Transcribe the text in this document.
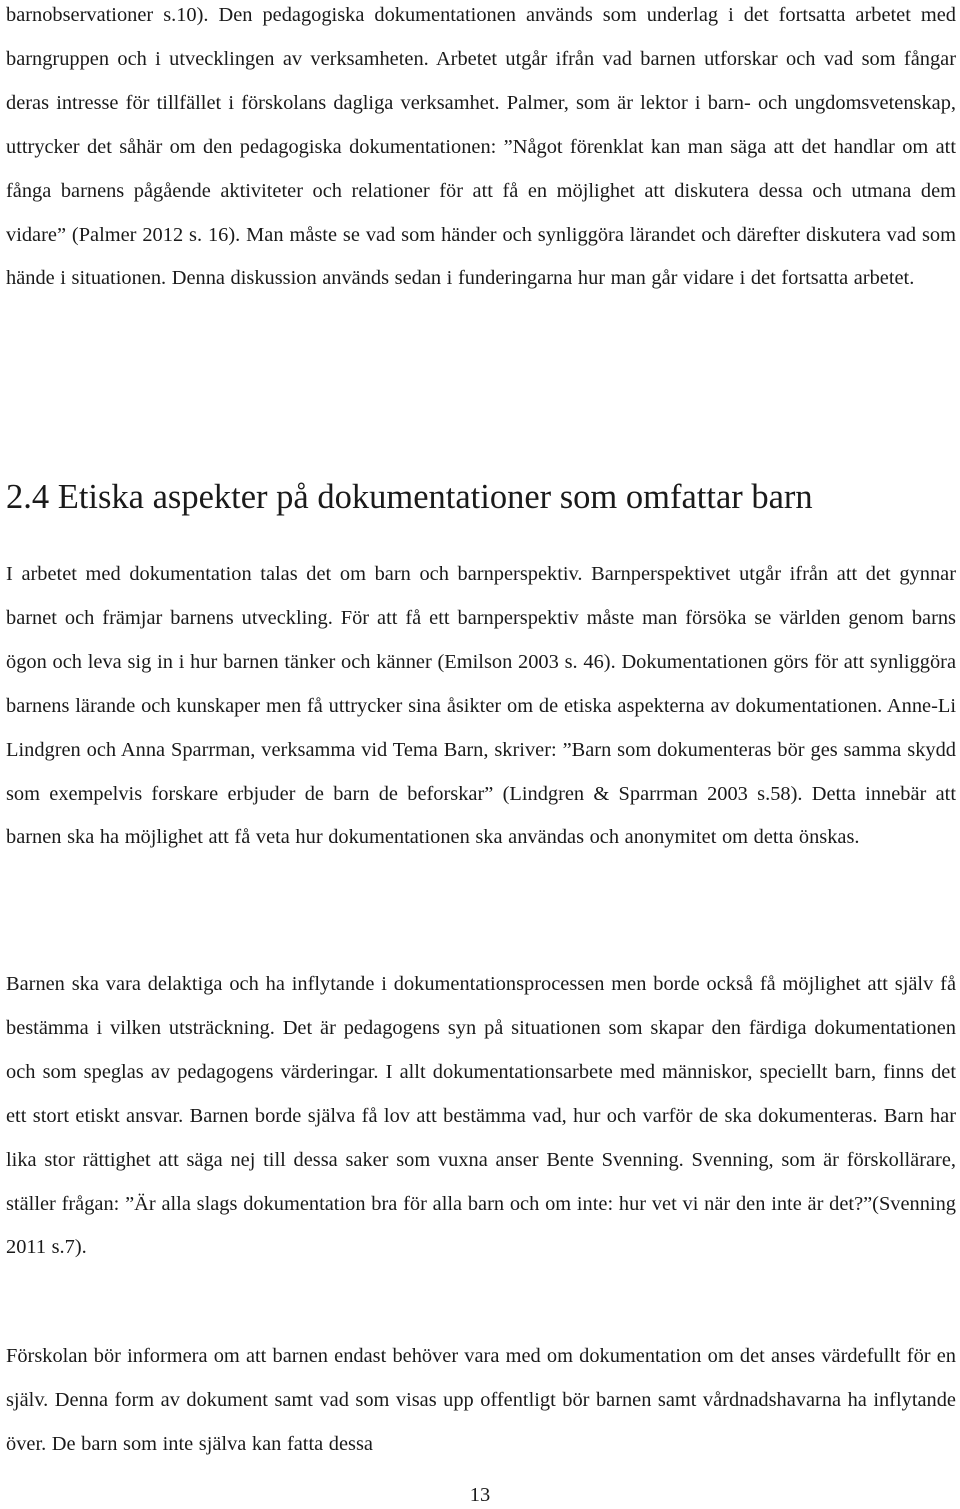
barnobservationer s.10). Den pedagogiska dokumentationen används som underlag i det fortsatta arbetet med barngruppen och i utvecklingen av verksamheten. Arbetet utgår ifrån vad barnen utforskar och vad som fångar deras intresse för tillfället i förskolans dagliga verksamhet. Palmer, som är lektor i barn- och ungdomsvetenskap, uttrycker det såhär om den pedagogiska dokumentationen: ”Något förenklat kan man säga att det handlar om att fånga barnens pågående aktiviteter och relationer för att få en möjlighet att diskutera dessa och utmana dem vidare” (Palmer 2012 s. 16). Man måste se vad som händer och synliggöra lärandet och därefter diskutera vad som hände i situationen. Denna diskussion används sedan i funderingarna hur man går vidare i det fortsatta arbetet.

2.4 Etiska aspekter på dokumentationer som omfattar barn

I arbetet med dokumentation talas det om barn och barnperspektiv. Barnperspektivet utgår ifrån att det gynnar barnet och främjar barnens utveckling. För att få ett barnperspektiv måste man försöka se världen genom barns ögon och leva sig in i hur barnen tänker och känner (Emilson 2003 s. 46). Dokumentationen görs för att synliggöra barnens lärande och kunskaper men få uttrycker sina åsikter om de etiska aspekterna av dokumentationen. Anne-Li Lindgren och Anna Sparrman, verksamma vid Tema Barn, skriver: ”Barn som dokumenteras bör ges samma skydd som exempelvis forskare erbjuder de barn de beforskar” (Lindgren & Sparrman 2003 s.58). Detta innebär att barnen ska ha möjlighet att få veta hur dokumentationen ska användas och anonymitet om detta önskas.

Barnen ska vara delaktiga och ha inflytande i dokumentationsprocessen men borde också få möjlighet att själv få bestämma i vilken utsträckning. Det är pedagogens syn på situationen som skapar den färdiga dokumentationen och som speglas av pedagogens värderingar. I allt dokumentationsarbete med människor, speciellt barn, finns det ett stort etiskt ansvar. Barnen borde själva få lov att bestämma vad, hur och varför de ska dokumenteras. Barn har lika stor rättighet att säga nej till dessa saker som vuxna anser Bente Svenning. Svenning, som är förskollärare, ställer frågan: ”Är alla slags dokumentation bra för alla barn och om inte: hur vet vi när den inte är det?”(Svenning 2011 s.7).

Förskolan bör informera om att barnen endast behöver vara med om dokumentation om det anses värdefullt för en själv. Denna form av dokument samt vad som visas upp offentligt bör barnen samt vårdnadshavarna ha inflytande över. De barn som inte själva kan fatta dessa

13
